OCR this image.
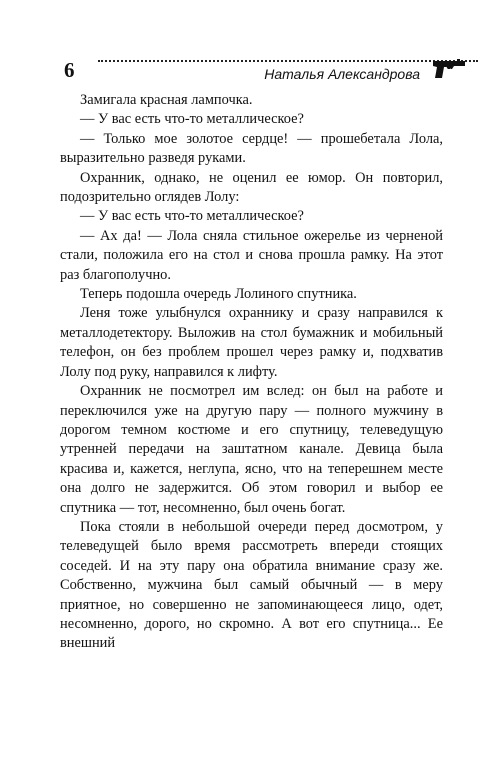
6	Наталья Александрова

Замигала красная лампочка.

— У вас есть что-то металлическое?

— Только мое золотое сердце! — прошебетала Лола, выразительно разведя руками.

Охранник, однако, не оценил ее юмор. Он повторил, подозрительно оглядев Лолу:

— У вас есть что-то металлическое?

— Ах да! — Лола сняла стильное ожерелье из черненой стали, положила его на стол и снова прошла рамку. На этот раз благополучно.

Теперь подошла очередь Лолиного спутника.

Леня тоже улыбнулся охраннику и сразу направился к металлодетектору. Выложив на стол бумажник и мобильный телефон, он без проблем прошел через рамку и, подхватив Лолу под руку, направился к лифту.

Охранник не посмотрел им вслед: он был на работе и переключился уже на другую пару — полного мужчину в дорогом темном костюме и его спутницу, телеведущую утренней передачи на заштатном канале. Девица была красива и, кажется, неглупа, ясно, что на теперешнем месте она долго не задержится. Об этом говорил и выбор ее спутника — тот, несомненно, был очень богат.

Пока стояли в небольшой очереди перед досмотром, у телеведущей было время рассмотреть впереди стоящих соседей. И на эту пару она обратила внимание сразу же. Собственно, мужчина был самый обычный — в меру приятное, но совершенно не запоминающееся лицо, одет, несомненно, дорого, но скромно. А вот его спутница... Ее внешний
